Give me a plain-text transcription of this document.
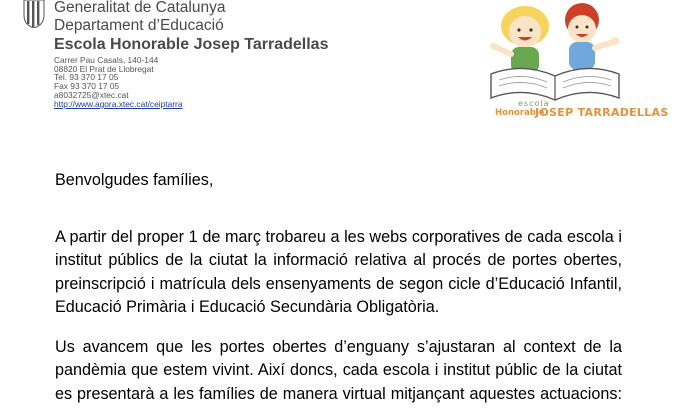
Generalitat de Catalunya
Departament d’Educació
Escola Honorable Josep Tarradellas
Carrer Pau Casals, 140-144
08820 El Prat de Llobregat
Tel. 93 370 17 05
Fax 93 370 17 05
a8032725@xtec.cat
http://www.agora.xtec.cat/ceiptarra	escola
Honorable
JOSEP TARRADELLAS
Benvolgudes famílies,
A partir del proper 1 de març trobareu a les webs corporatives de cada escola i
institut públics de la ciutat la informació relativa al procés de portes obertes,
preinscripció i matrícula dels ensenyaments de segon cicle d’Educació Infantil,
Educació Primària i Educació Secundària Obligatòria.
Us avancem que les portes obertes d’enguany s’ajustaran al context de la
pandèmia que estem vivint. Així doncs, cada escola i institut públic de la ciutat
es presentarà a les famílies de manera virtual mitjançant aquestes actuacions:
